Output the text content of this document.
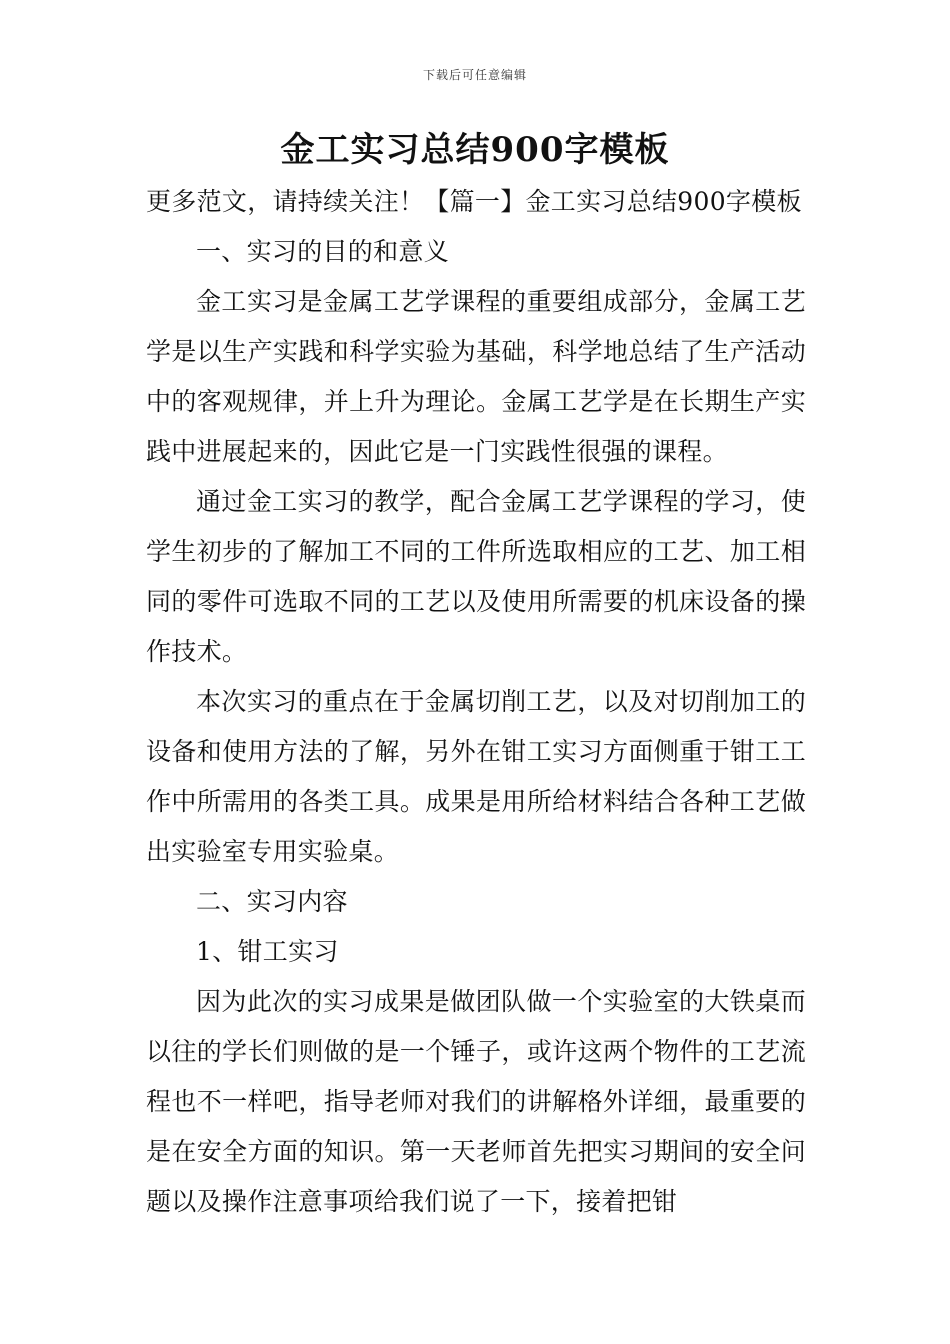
下载后可任意编辑
金工实习总结900字模板

更多范文，请持续关注！【篇一】金工实习总结900字模板

一、实习的目的和意义

金工实习是金属工艺学课程的重要组成部分，金属工艺学是以生产实践和科学实验为基础，科学地总结了生产活动中的客观规律，并上升为理论。金属工艺学是在长期生产实践中进展起来的，因此它是一门实践性很强的课程。

通过金工实习的教学，配合金属工艺学课程的学习，使学生初步的了解加工不同的工件所选取相应的工艺、加工相同的零件可选取不同的工艺以及使用所需要的机床设备的操作技术。

本次实习的重点在于金属切削工艺，以及对切削加工的设备和使用方法的了解，另外在钳工实习方面侧重于钳工工作中所需用的各类工具。成果是用所给材料结合各种工艺做出实验室专用实验桌。

二、实习内容

1、钳工实习

因为此次的实习成果是做团队做一个实验室的大铁桌而以往的学长们则做的是一个锤子，或许这两个物件的工艺流程也不一样吧，指导老师对我们的讲解格外详细，最重要的是在安全方面的知识。第一天老师首先把实习期间的安全问题以及操作注意事项给我们说了一下，接着把钳
